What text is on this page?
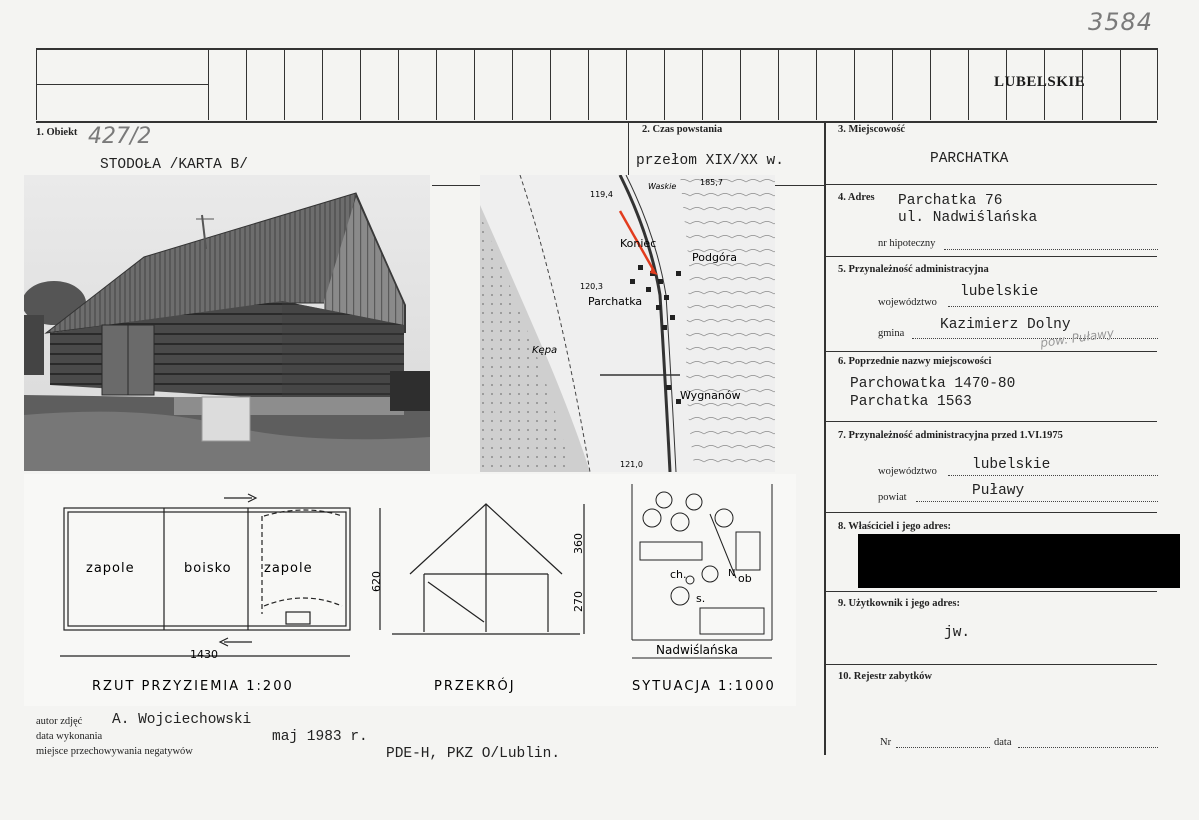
3584
LUBELSKIE
1. Obiekt 427/2
STODOŁA /KARTA B/
2. Czas powstania
przełom XIX/XX w.
3. Miejscowość
PARCHATKA
4. Adres Parchatka 76
ul. Nadwiślańska
nr hipoteczny
5. Przynależność administracyjna
województwo
lubelskie
gmina
Kazimierz Dolny
pow. Puławy
6. Poprzednie nazwy miejscowości
Parchowatka 1470-80
Parchatka 1563
7. Przynależność administracyjna przed 1.VI.1975
województwo lubelskie
powiat	Puławy
8. Właściciel i jego adres:
9. Użytkownik i jego adres:
jw.
10. Rejestr zabytków
Nr	data
Koniec
Podgóra
Parchatka
Kępa
Wygnanów
Waskie
119,4
185,7
120,3
121,0
zapole	boisko zapole
1430
620
RZUT PRZYZIEMIA 1:200
360
270
PRZEKRÓJ
ch.	ob
s.
N
Nadwiślańska
SYTUACJA 1:1000
autor zdjęć A. Wojciechowski
data wykonania	maj 1983 r.
miejsce przechowywania negatywów	PDE-H, PKZ O/Lublin.
